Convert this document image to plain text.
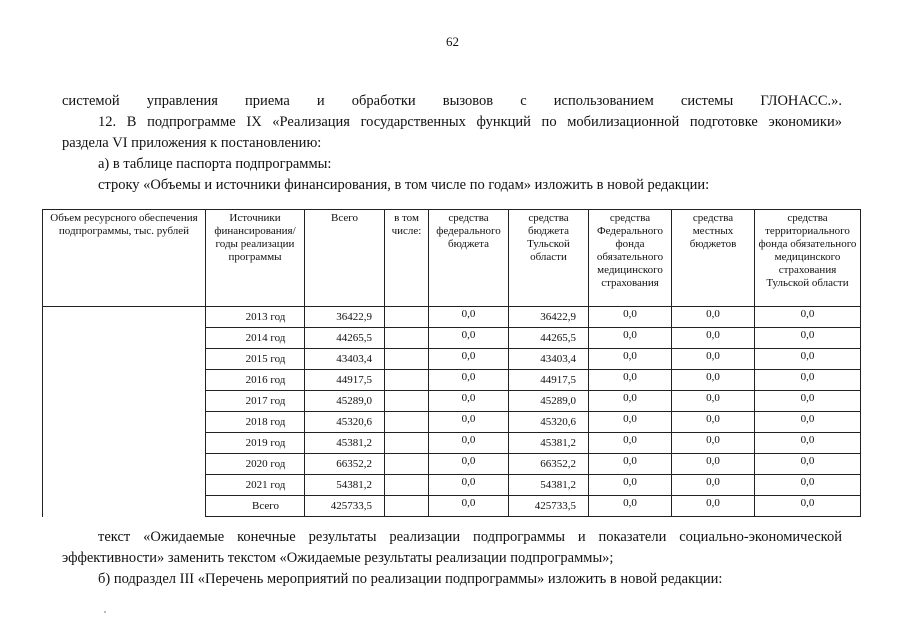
62
системой управления приема и обработки вызовов с использованием системы ГЛОНАСС.».
12. В подпрограмме IX «Реализация государственных функций по мобилизационной подготовке экономики»
раздела VI приложения к постановлению:
а) в таблице паспорта подпрограммы:
строку «Объемы и источники финансирования, в том числе по годам» изложить в новой редакции:
Объем ресурсного обеспечения подпрограммы, тыс. рублей	Источники финансирования/ годы реализации программы	Всего	в том числе:	средства федерального бюджета	средства бюджета Тульской области	средства Федерального фонда обязательного медицинского страхования	средства местных бюджетов	средства территориального фонда обязательного медицинского страхования Тульской области
	2013 год	36422,9		0,0	36422,9	0,0	0,0	0,0
	2014 год	44265,5		0,0	44265,5	0,0	0,0	0,0
	2015 год	43403,4		0,0	43403,4	0,0	0,0	0,0
	2016 год	44917,5		0,0	44917,5	0,0	0,0	0,0
	2017 год	45289,0		0,0	45289,0	0,0	0,0	0,0
	2018 год	45320,6		0,0	45320,6	0,0	0,0	0,0
	2019 год	45381,2		0,0	45381,2	0,0	0,0	0,0
	2020 год	66352,2		0,0	66352,2	0,0	0,0	0,0
	2021 год	54381,2		0,0	54381,2	0,0	0,0	0,0
	Всего	425733,5		0,0	425733,5	0,0	0,0	0,0
текст «Ожидаемые конечные результаты реализации подпрограммы и показатели социально-экономической
эффективности» заменить текстом «Ожидаемые результаты реализации подпрограммы»;
б) подраздел III «Перечень мероприятий по реализации подпрограммы» изложить в новой редакции:
